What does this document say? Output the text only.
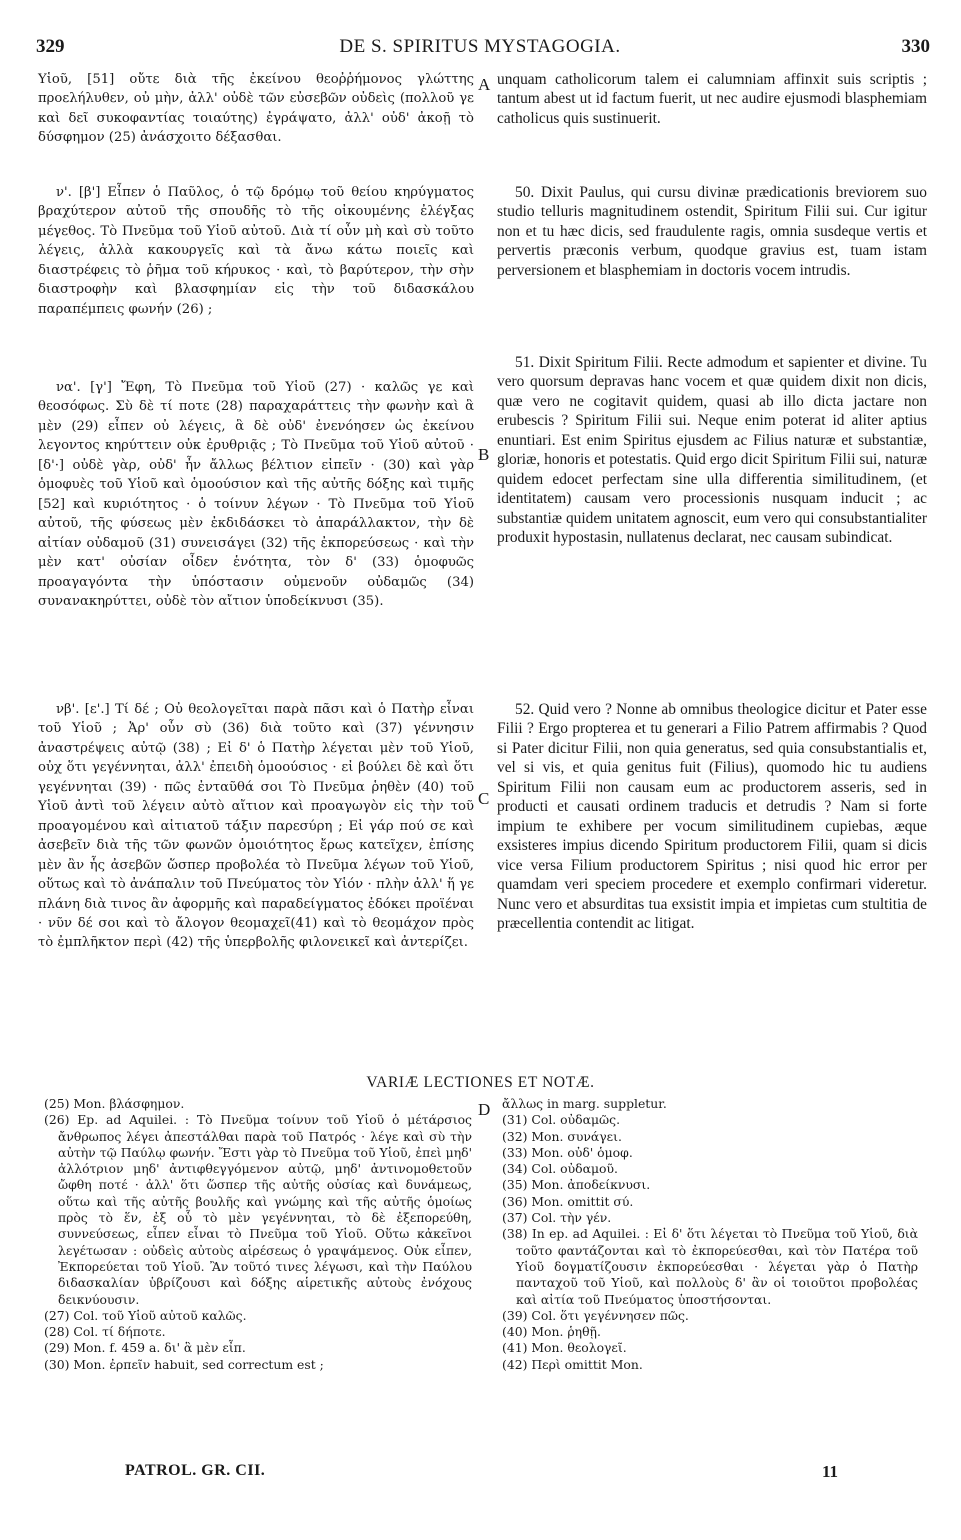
329	DE S. SPIRITUS MYSTAGOGIA.	330

Υἱοῦ, [51] οὔτε διὰ τῆς ἐκείνου θεοῤῥήμονος γλώττης προελήλυθεν, οὐ μὴν, ἀλλ' οὐδὲ τῶν εὐσεβῶν οὐδεὶς (πολλοῦ γε καὶ δεῖ συκοφαντίας τοιαύτης) ἐγράψατο, ἀλλ' οὐδ' ἀκοῇ τὸ δύσφημον (25) ἀνάσχοιτο δέξασθαι.

ν'. [β'] Εἶπεν ὁ Παῦλος, ὁ τῷ δρόμῳ τοῦ θείου κηρύγματος βραχύτερον αὐτοῦ τῆς σπουδῆς τὸ τῆς οἰκουμένης ἐλέγξας μέγεθος. Τὸ Πνεῦμα τοῦ Υἱοῦ αὐτοῦ. Διὰ τί οὖν μὴ καὶ σὺ τοῦτο λέγεις, ἀλλὰ κακουργεῖς καὶ τὰ ἄνω κάτω ποιεῖς καὶ διαστρέφεις τὸ ῥῆμα τοῦ κήρυκος · καὶ, τὸ βαρύτερον, τὴν σὴν διαστροφὴν καὶ βλασφημίαν εἰς τὴν τοῦ διδασκάλου παραπέμπεις φωνήν (26) ;

να'. [γ'] Ἔφη, Τὸ Πνεῦμα τοῦ Υἱοῦ (27) · καλῶς γε καὶ θεοσόφως. Σὺ δὲ τί ποτε (28) παραχαράττεις τὴν φωνὴν καὶ ἃ μὲν (29) εἶπεν οὐ λέγεις, ἃ δὲ οὐδ' ἐνενόησεν ὡς ἐκείνου λεγοντος κηρύττειν οὐκ ἐρυθριᾷς ; Τὸ Πνεῦμα τοῦ Υἱοῦ αὐτοῦ · [δ'·] οὐδὲ γὰρ, οὐδ' ἦν ἄλλως βέλτιον εἰπεῖν · (30) καὶ γὰρ ὁμοφυὲς τοῦ Υἱοῦ καὶ ὁμοούσιον καὶ τῆς αὐτῆς δόξης καὶ τιμῆς [52] καὶ κυριότητος · ὁ τοίνυν λέγων · Τὸ Πνεῦμα τοῦ Υἱοῦ αὐτοῦ, τῆς φύσεως μὲν ἐκδιδάσκει τὸ ἀπαράλλακτον, τὴν δὲ αἰτίαν οὐδαμοῦ (31) συνεισάγει (32) τῆς ἐκπορεύσεως · καὶ τὴν μὲν κατ' οὐσίαν οἶδεν ἑνότητα, τὸν δ' (33) ὁμοφυῶς προαγαγόντα τὴν ὑπόστασιν οὐμενοῦν οὐδαμῶς (34) συνανακηρύττει, οὐδὲ τὸν αἴτιον ὑποδείκνυσι (35).

νβ'. [ε'.] Τί δέ ; Οὐ θεολογεῖται παρὰ πᾶσι καὶ ὁ Πατὴρ εἶναι τοῦ Υἱοῦ ; Ἀρ' οὖν σὺ (36) διὰ τοῦτο καὶ (37) γέννησιν ἀναστρέψεις αὐτῷ (38) ; Εἰ δ' ὁ Πατὴρ λέγεται μὲν τοῦ Υἱοῦ, οὐχ ὅτι γεγέννηται, ἀλλ' ἐπειδὴ ὁμοούσιος · εἰ βούλει δὲ καὶ ὅτι γεγέννηται (39) · πῶς ἐνταῦθά σοι Τὸ Πνεῦμα ῥηθὲν (40) τοῦ Υἱοῦ ἀντὶ τοῦ λέγειν αὐτὸ αἴτιον καὶ προαγωγὸν εἰς τὴν τοῦ προαγομένου καὶ αἰτιατοῦ τάξιν παρεσύρη ; Εἰ γάρ πού σε καὶ ἀσεβεῖν διὰ τῆς τῶν φωνῶν ὁμοιότητος ἔρως κατεῖχεν, ἐπίσης μὲν ἂν ἧς ἀσεβῶν ὥσπερ προβολέα τὸ Πνεῦμα λέγων τοῦ Υἱοῦ, οὕτως καὶ τὸ ἀνάπαλιν τοῦ Πνεύματος τὸν Υἱόν · πλὴν ἀλλ' ἥ γε πλάνη διὰ τινος ἂν ἀφορμῆς καὶ παραδείγματος ἐδόκει προϊέναι · νῦν δέ σοι καὶ τὸ ἄλογον θεομαχεῖ(41) καὶ τὸ θεομάχον πρὸς τὸ ἐμπλῆκτον περὶ (42) τῆς ὑπερβολῆς φιλονεικεῖ καὶ ἀντερίζει.

A
B
C
D

unquam catholicorum talem ei calumniam affinxit suis scriptis ; tantum abest ut id factum fuerit, ut nec audire ejusmodi blasphemiam catholicus quis sustinuerit.

50. Dixit Paulus, qui cursu divinæ prædicationis breviorem suo studio telluris magnitudinem ostendit, Spiritum Filii sui. Cur igitur non et tu hæc dicis, sed fraudulente ragis, omnia susdeque vertis et pervertis præconis verbum, quodque gravius est, tuam istam perversionem et blasphemiam in doctoris vocem intrudis.

51. Dixit Spiritum Filii. Recte admodum et sapienter et divine. Tu vero quorsum depravas hanc vocem et quæ quidem dixit non dicis, quæ vero ne cogitavit quidem, quasi ab illo dicta jactare non erubescis ? Spiritum Filii sui. Neque enim poterat id aliter aptius enuntiari. Est enim Spiritus ejusdem ac Filius naturæ et substantiæ, gloriæ, honoris et potestatis. Quid ergo dicit Spiritum Filii sui, naturæ quidem edocet perfectam sine ulla differentia similitudinem, (et identitatem) causam vero processionis nusquam inducit ; ac substantiæ quidem unitatem agnoscit, eum vero qui consubstantialiter produxit hypostasin, nullatenus declarat, nec causam subindicat.

52. Quid vero ? Nonne ab omnibus theologice dicitur et Pater esse Filii ? Ergo propterea et tu generari a Filio Patrem affirmabis ? Quod si Pater dicitur Filii, non quia generatus, sed quia consubstantialis et, vel si vis, et quia genitus fuit (Filius), quomodo hic tu audiens Spiritum Filii non causam eum ac productorem asseris, sed in producti et causati ordinem traducis et detrudis ? Nam si forte impium te exhibere per vocum similitudinem cupiebas, æque exsisteres impius dicendo Spiritum productorem Filii, quam si dicis vice versa Filium productorem Spiritus ; nisi quod hic error per quamdam veri speciem procedere et exemplo confirmari videretur. Nunc vero et absurditas tua exsistit impia et impietas cum stultitia de præcellentia contendit ac litigat.

VARIÆ LECTIONES ET NOTÆ.

(25) Mon. βλάσφημον.

(26) Ep. ad Aquilei. : Τὸ Πνεῦμα τοίνυν τοῦ Υἱοῦ ὁ μέτάρσιος ἄνθρωπος λέγει ἀπεστάλθαι παρὰ τοῦ Πατρός · λέγε καὶ σὺ τὴν αὐτὴν τῷ Παύλῳ φωνήν. Ἔστι γὰρ τὸ Πνεῦμα τοῦ Υἱοῦ, ἐπεὶ μηδ' ἀλλότριον μηδ' ἀντιφθεγγόμενον αὐτῷ, μηδ' ἀντινομοθετοῦν ὤφθη ποτέ · ἀλλ' ὅτι ὥσπερ τῆς αὐτῆς οὐσίας καὶ δυνάμεως, οὕτω καὶ τῆς αὐτῆς βουλῆς καὶ γνώμης καὶ τῆς αὐτῆς ὁμοίως πρὸς τὸ ἕν, ἐξ οὗ τὸ μὲν γεγέννηται, τὸ δὲ ἐξεπορεύθη, συννεύσεως, εἶπεν εἶναι τὸ Πνεῦμα τοῦ Υἱοῦ. Οὕτω κἀκεῖνοι λεγέτωσαν : οὐδεὶς αὐτοὺς αἱρέσεως ὁ γραψάμενος. Οὐκ εἶπεν, Ἐκπορεύεται τοῦ Υἱοῦ. Ἂν τοῦτό τινες λέγωσι, καὶ τὴν Παύλου διδασκαλίαν ὑβρίζουσι καὶ δόξης αἱρετικῆς αὐτοὺς ἐνόχους δεικνύουσιν.

(27) Col. τοῦ Υἱοῦ αὐτοῦ καλῶς.

(28) Col. τί δήποτε.

(29) Mon. f. 459 a. δι' ἃ μὲν εἶπ.

(30) Mon. ἐρπεῖν habuit, sed correctum est ;

ἄλλως in marg. suppletur.

(31) Col. οὐδαμῶς.

(32) Mon. συνάγει.

(33) Mon. οὐδ' ὁμοφ.

(34) Col. οὐδαμοῦ.

(35) Mon. ἀποδείκνυσι.

(36) Mon. omittit σύ.

(37) Col. τὴν γέν.

(38) In ep. ad Aquilei. : Εἰ δ' ὅτι λέγεται τὸ Πνεῦμα τοῦ Υἱοῦ, διὰ τοῦτο φαντάζονται καὶ τὸ ἐκπορεύεσθαι, καὶ τὸν Πατέρα τοῦ Υἱοῦ δογματίζουσιν ἐκπορεύεσθαι · λέγεται γὰρ ὁ Πατὴρ πανταχοῦ τοῦ Υἱοῦ, καὶ πολλοὺς δ' ἂν οἱ τοιοῦτοι προβολέας καὶ αἰτία τοῦ Πνεύματος ὑποστήσονται.

(39) Col. ὅτι γεγέννησεν πῶς.

(40) Mon. ῥηθῇ.

(41) Mon. θεολογεῖ.

(42) Περὶ omittit Mon.

PATROL. GR. CII.	11
